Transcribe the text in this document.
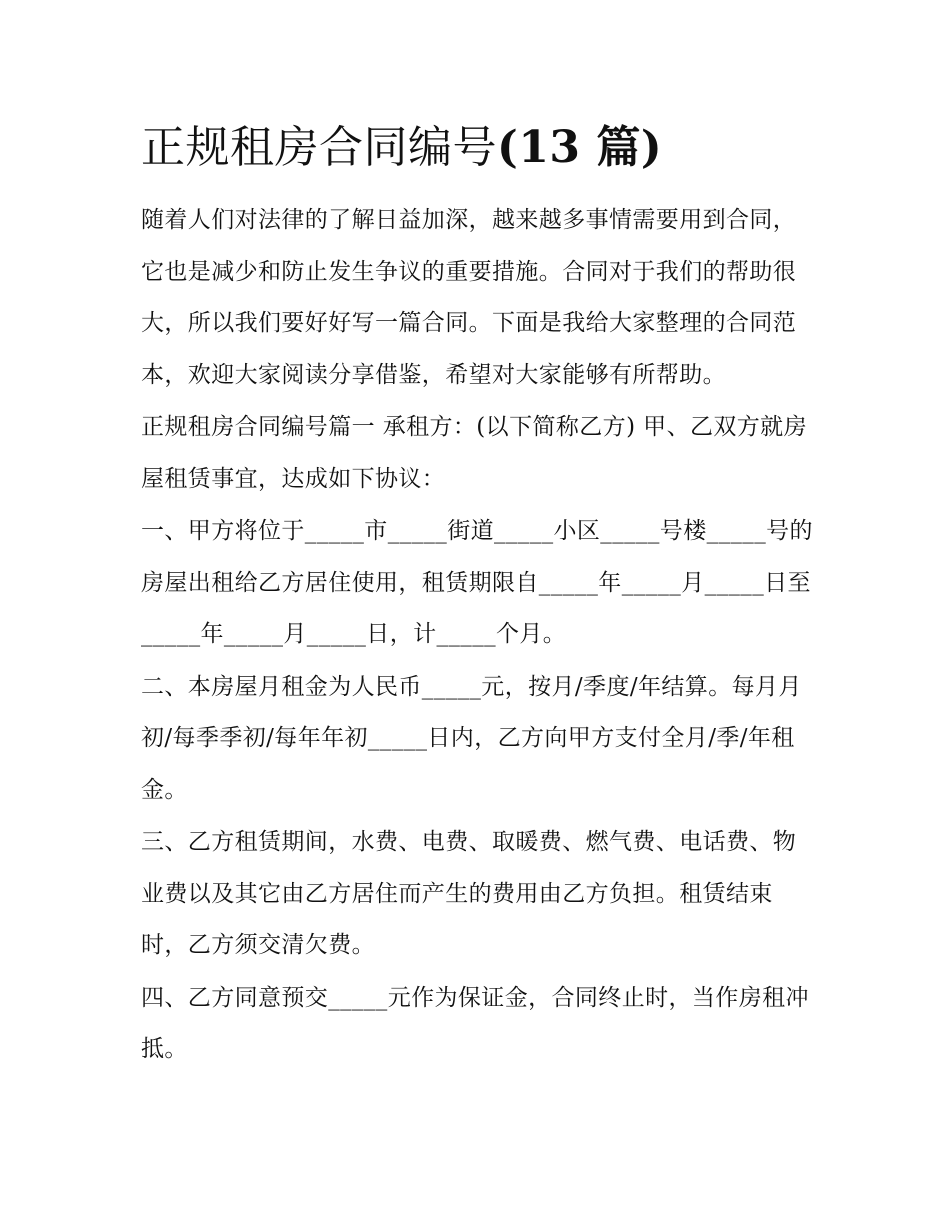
正规租房合同编号(13 篇)

随着人们对法律的了解日益加深，越来越多事情需要用到合同，它也是减少和防止发生争议的重要措施。合同对于我们的帮助很大，所以我们要好好写一篇合同。下面是我给大家整理的合同范本，欢迎大家阅读分享借鉴，希望对大家能够有所帮助。

正规租房合同编号篇一 承租方：(以下简称乙方) 甲、乙双方就房屋租赁事宜，达成如下协议：

一、甲方将位于_____市_____街道_____小区_____号楼_____号的房屋出租给乙方居住使用，租赁期限自_____年_____月_____日至_____年_____月_____日，计_____个月。

二、本房屋月租金为人民币_____元，按月/季度/年结算。每月月初/每季季初/每年年初_____日内，乙方向甲方支付全月/季/年租金。

三、乙方租赁期间，水费、电费、取暖费、燃气费、电话费、物业费以及其它由乙方居住而产生的费用由乙方负担。租赁结束时，乙方须交清欠费。

四、乙方同意预交_____元作为保证金，合同终止时，当作房租冲抵。
